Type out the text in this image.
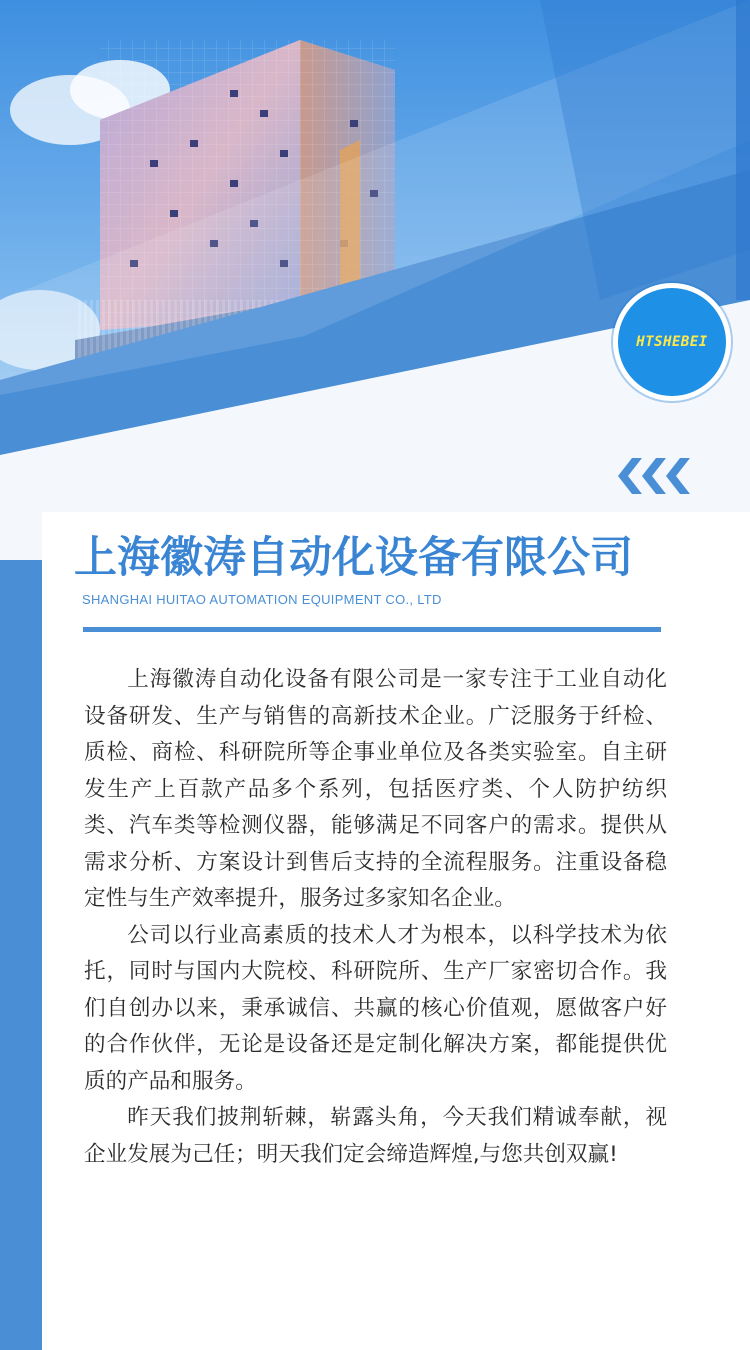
HTSHEBEI
上海徽涛自动化设备有限公司
SHANGHAI HUITAO AUTOMATION EQUIPMENT CO., LTD

上海徽涛自动化设备有限公司是一家专注于工业自动化设备研发、生产与销售的高新技术企业。广泛服务于纤检、质检、商检、科研院所等企事业单位及各类实验室。自主研发生产上百款产品多个系列，包括医疗类、个人防护纺织类、汽车类等检测仪器，能够满足不同客户的需求。提供从需求分析、方案设计到售后支持的全流程服务。注重设备稳定性与生产效率提升，服务过多家知名企业。

公司以行业高素质的技术人才为根本，以科学技术为依托，同时与国内大院校、科研院所、生产厂家密切合作。我们自创办以来，秉承诚信、共赢的核心价值观，愿做客户好的合作伙伴，无论是设备还是定制化解决方案，都能提供优质的产品和服务。

昨天我们披荆斩棘，崭露头角，今天我们精诚奉献，视企业发展为己任；明天我们定会缔造辉煌,与您共创双赢!
